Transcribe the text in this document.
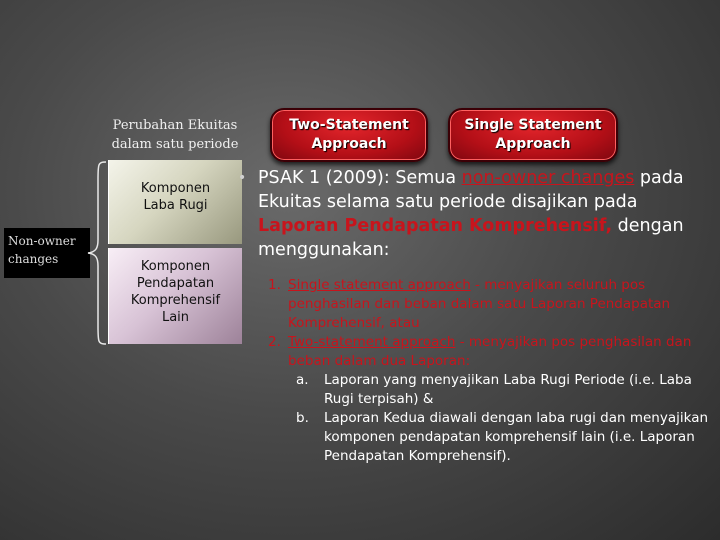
Perubahan Ekuitas
dalam satu periode
Two-Statement
Approach
Single Statement
Approach
Non-owner
changes
Komponen
Laba Rugi
Komponen
Pendapatan
Komprehensif
Lain
• PSAK 1 (2009): Semua non-owner changes pada Ekuitas selama satu periode disajikan pada Laporan Pendapatan Komprehensif, dengan menggunakan:
1. Single statement approach - menyajikan seluruh pos penghasilan dan beban dalam satu Laporan Pendapatan Komprehensif, atau
2. Two-statement approach - menyajikan pos penghasilan dan beban dalam dua Laporan:
a. Laporan yang menyajikan Laba Rugi Periode (i.e. Laba Rugi terpisah) &
b. Laporan Kedua diawali dengan laba rugi dan menyajikan komponen pendapatan komprehensif lain (i.e. Laporan Pendapatan Komprehensif).
